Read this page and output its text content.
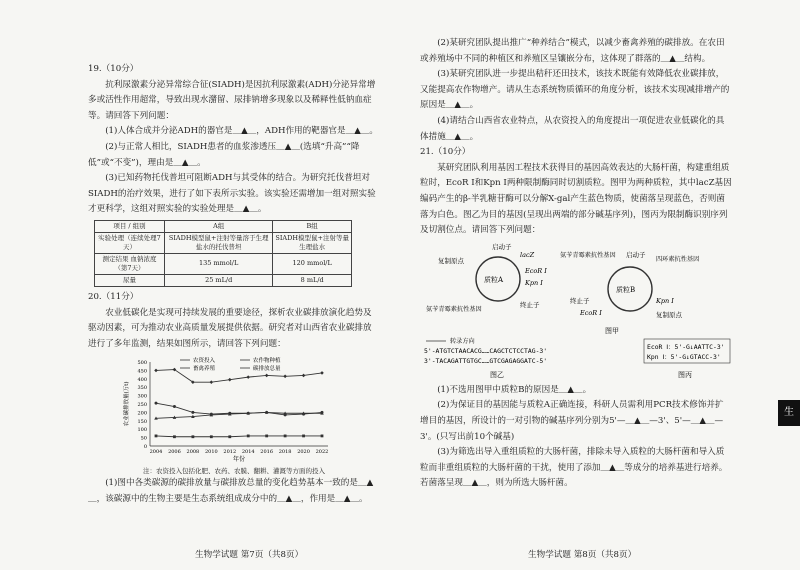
19.（10分）

抗利尿激素分泌异常综合征(SIADH)是因抗利尿激素(ADH)分泌异常增多或活性作用超常，导致出现水潴留、尿排钠增多现象以及稀释性低钠血症等。请回答下列问题：

(1)人体合成并分泌ADH的器官是＿▲＿，ADH作用的靶器官是＿▲＿。

(2)与正常人相比，SIADH患者的血浆渗透压＿▲＿(选填“升高”“降低”或“不变”)，理由是＿▲＿。

(3)已知药物托伐普坦可阻断ADH与其受体的结合。为研究托伐普坦对SIADH的治疗效果，进行了如下表所示实验。该实验还需增加一组对照实验才更科学，这组对照实验的实验处理是＿▲＿。

项目 / 组别	A组	B组
实验处理（连续处理7天）	SIADH模型鼠+注射等量溶于生理盐水的托伐普坦	SIADH模型鼠+注射等量生理盐水
测定结果 血钠浓度（第7天）	135 mmol/L	120 mmol/L
尿量	25 mL/d	8 mL/d

20.（11分）

农业低碳化是实现可持续发展的重要途径，探析农业碳排放演化趋势及驱动因素，可为推动农业高质量发展提供依据。研究者对山西省农业碳排放进行了多年监测，结果如图所示，请回答下列问题：

0
50
100
150
200
250
300
350
400
450
500
2004 2006 2008 2010 2012 2014 2016 2018 2020 2022
年份
农业碳排放量(万t)
农资投入	农作物种植
畜禽养殖	碳排放总量

注：农资投入包括化肥、农药、农膜、翻耕、灌溉等方面的投入

(1)图中各类碳源的碳排放量与碳排放总量的变化趋势基本一致的是＿▲＿，该碳源中的生物主要是生态系统组成成分中的＿▲＿，作用是＿▲＿。

(2)某研究团队提出推广“种养结合”模式，以减少畜禽养殖的碳排放。在农田或养殖场中不同的种植区和养殖区呈镶嵌分布，这体现了群落的＿▲＿结构。

(3)某研究团队进一步提出秸秆还田技术，该技术既能有效降低农业碳排放，又能提高农作物增产。请从生态系统物质循环的角度分析，该技术实现减排增产的原因是＿▲＿。

(4)请结合山西省农业特点，从农资投入的角度提出一项促进农业低碳化的具体措施＿▲＿。

21.（10分）

某研究团队利用基因工程技术获得目的基因高效表达的大肠杆菌，构建重组质粒时，EcoR Ⅰ和Kpn Ⅰ两种限制酶同时切割质粒。图甲为两种质粒，其中lacZ基因编码产生的β-半乳糖苷酶可以分解X-gal产生蓝色物质，使菌落呈现蓝色，否则菌落为白色。图乙为目的基因(呈现出两端的部分碱基序列)，图丙为限制酶识别序列及切割位点。请回答下列问题：

质粒A
启动子
lacZ
复制原点
EcoR Ⅰ
Kpn Ⅰ
氨苄青霉素抗性基因
终止子
质粒B
氨苄青霉素抗性基因 启动子
四环素抗性基因
终止子
EcoR Ⅰ
Kpn Ⅰ
复制原点
图甲
转录方向
5'-ATGTCTAACACG……CAGCTCTCCTAG-3'
3'-TACAGATTGTGC……GTCGAGAGGATC-5'
图乙
EcoR Ⅰ：5'-G↓AATTC-3'
Kpn Ⅰ：5'-G↓GTACC-3'
图丙

(1)不选用图甲中质粒B的原因是＿▲＿。

(2)为保证目的基因能与质粒A正确连接，科研人员需利用PCR技术修饰并扩增目的基因，所设计的一对引物的碱基序列分别为5'—＿▲＿—3'、5'—＿▲＿—3'。(只写出前10个碱基)

(3)为筛选出导入重组质粒的大肠杆菌，排除未导入质粒的大肠杆菌和导入质粒而非重组质粒的大肠杆菌的干扰，使用了添加＿▲＿等成分的培养基进行培养。若菌落呈现＿▲＿，则为所选大肠杆菌。

生物学试题 第7页（共8页）	生物学试题 第8页（共8页）
生
